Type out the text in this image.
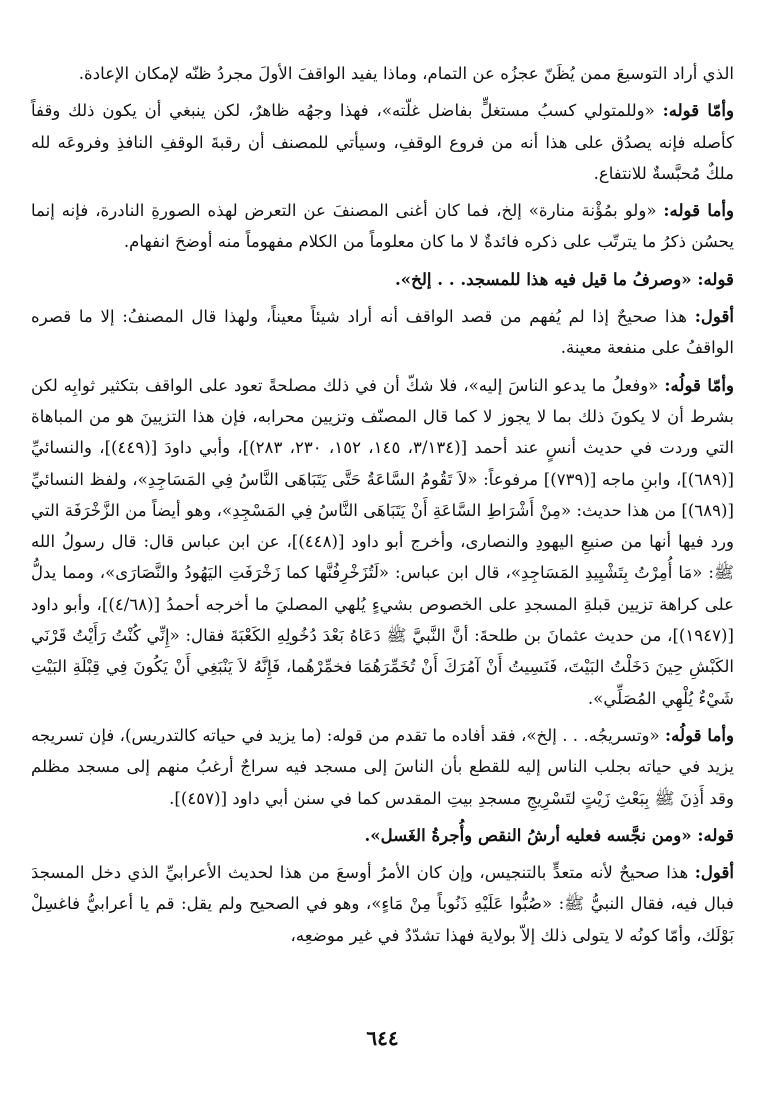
الذي أراد التوسيعَ ممن يُظَنّ عجزُه عن التمام، وماذا يفيد الواقفَ الأولَ مجردُ ظنّه لإمكان الإعادة.

وأمّا قوله: «وللمتولي كسبُ مستغلٍّ بفاضل غلّته»، فهذا وجهُه ظاهرٌ، لكن ينبغي أن يكون ذلك وقفاً كأصله فإنه يصدُق على هذا أنه من فروع الوقفِ، وسيأتي للمصنف أن رقبةَ الوقفِ النافذِ وفروعَه لله ملكٌ مُحبَّسةٌ للانتفاع.

وأما قوله: «ولو بمُؤْنة منارة» إلخ، فما كان أغنى المصنفَ عن التعرض لهذه الصورةِ النادرة، فإنه إنما يحسُن ذكرُ ما يترتّب على ذكره فائدةٌ لا ما كان معلوماً من الكلام مفهوماً منه أوضحَ انفهام.

قوله: «وصرفُ ما قيل فيه هذا للمسجد. . . إلخ».

أقول: هذا صحيحٌ إذا لم يُفهم من قصد الواقف أنه أراد شيئاً معيناً، ولهذا قال المصنفُ: إلا ما قصره الواقفُ على منفعة معينة.

وأمّا قولُه: «وفعلُ ما يدعو الناسَ إليه»، فلا شكّ أن في ذلك مصلحةً تعود على الواقف بتكثير ثوابِه لكن بشرط أن لا يكونَ ذلك بما لا يجوز لا كما قال المصنّف وتزيين محرابه، فإن هذا التزيينَ هو من المباهاة التي وردت في حديث أنسٍ عند أحمد [(٣/١٣٤، ١٤٥، ١٥٢، ٢٣٠، ٢٨٣)]، وأبي داودَ [(٤٤٩)]، والنسائيِّ [(٦٨٩)]، وابنِ ماجه [(٧٣٩)] مرفوعاً: «لاَ تَقُومُ السَّاعَةُ حَتَّى يَتَبَاهَى النَّاسُ فِي المَسَاجِدِ»، ولفظ النسائيِّ [(٦٨٩)] من هذا حديث: «مِنْ أَشْرَاطِ السَّاعَةِ أَنْ يَتَبَاهَى النَّاسُ فِي المَسْجِدِ»، وهو أيضاً من الزَّخْرَفَة التي ورد فيها أنها من صنيعِ اليهودِ والنصارى، وأخرج أبو داود [(٤٤٨)]، عن ابن عباس قال: قال رسولُ الله ﷺ: «مَا أُمِرْتُ بِتَشْيِيدِ المَسَاجِدِ»، قال ابن عباس: «لَتُزَخْرِفُنَّها كما زَخْرَفَتِ اليَهُودُ والنَّصَارَى»، ومما يدلُّ على كراهة تزيين قبلةِ المسجدِ على الخصوص بشيءٍ يُلهي المصليَ ما أخرجه أحمدُ [(٤/٦٨)]، وأبو داود [(١٩٤٧)]، من حديث عثمانَ بن طلحةَ: أنَّ النَّبيَّ ﷺ دَعَاهُ بَعْدَ دُخُولِهِ الكَعْبَةَ فقال: «إِنِّي كُنْتُ رَأَيْتُ قَرْنَي الكَبْشِ حِينَ دَخَلْتُ البَيْتَ، فَنَسِيتُ أَنْ آمُرَكَ أَنْ تُخَمِّرَهُمَا فخمِّرْهُما، فَإِنَّهُ لاَ يَنْبَغِي أَنْ يَكُونَ فِي قِبْلَةِ البَيْتِ شَيْءٌ يُلْهِي المُصَلِّي».

وأما قولُه: «وتسريجُه. . . إلخ»، فقد أفاده ما تقدم من قوله: (ما يزيد في حياته كالتدريس)، فإن تسريجه يزيد في حياته بجلب الناس إليه للقطع بأن الناسَ إلى مسجد فيه سراجٌ أرغبُ منهم إلى مسجد مظلم وقد أَذِنَ ﷺ بِبَعْثِ زَيْتٍ لتَسْرِيجِ مسجدِ بيتِ المقدس كما في سنن أبي داود [(٤٥٧)].

قوله: «ومن نجَّسه فعليه أرشُ النقص وأُجرةُ الغَسل».

أقول: هذا صحيحٌ لأنه متعدٍّ بالتنجيس، وإن كان الأمرُ أوسعَ من هذا لحديث الأعرابيِّ الذي دخل المسجدَ فبال فيه، فقال النبيُّ ﷺ: «صُبُّوا عَلَيْهِ ذَنُوباً مِنْ مَاءٍ»، وهو في الصحيح ولم يقل: قم يا أعرابيُّ فاغسِلْ بَوْلَك، وأمّا كونُه لا يتولى ذلك إلاّ بولاية فهذا تشدّدٌ في غير موضعِه،

٦٤٤
